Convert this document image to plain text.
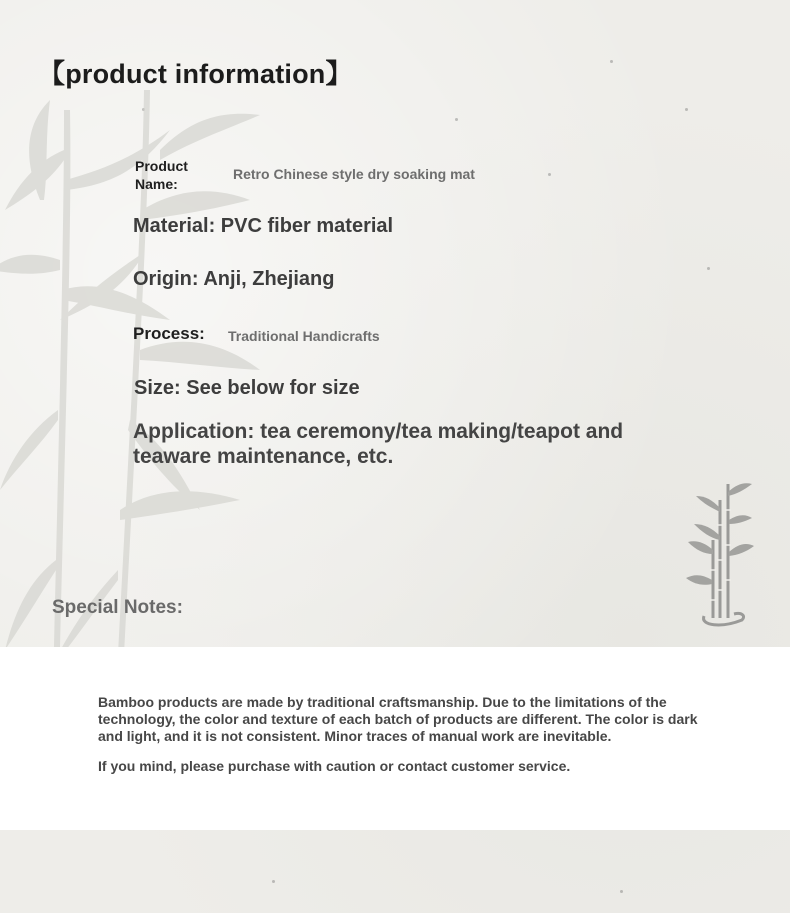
【product information】
Product Name:
Retro Chinese style dry soaking mat
Material: PVC fiber material
Origin: Anji, Zhejiang
Process: Traditional Handicrafts
Size: See below for size
Application: tea ceremony/tea making/teapot and teaware maintenance, etc.
Special Notes:
Bamboo products are made by traditional craftsmanship. Due to the limitations of the technology, the color and texture of each batch of products are different. The color is dark and light, and it is not consistent. Minor traces of manual work are inevitable.
If you mind, please purchase with caution or contact customer service.
